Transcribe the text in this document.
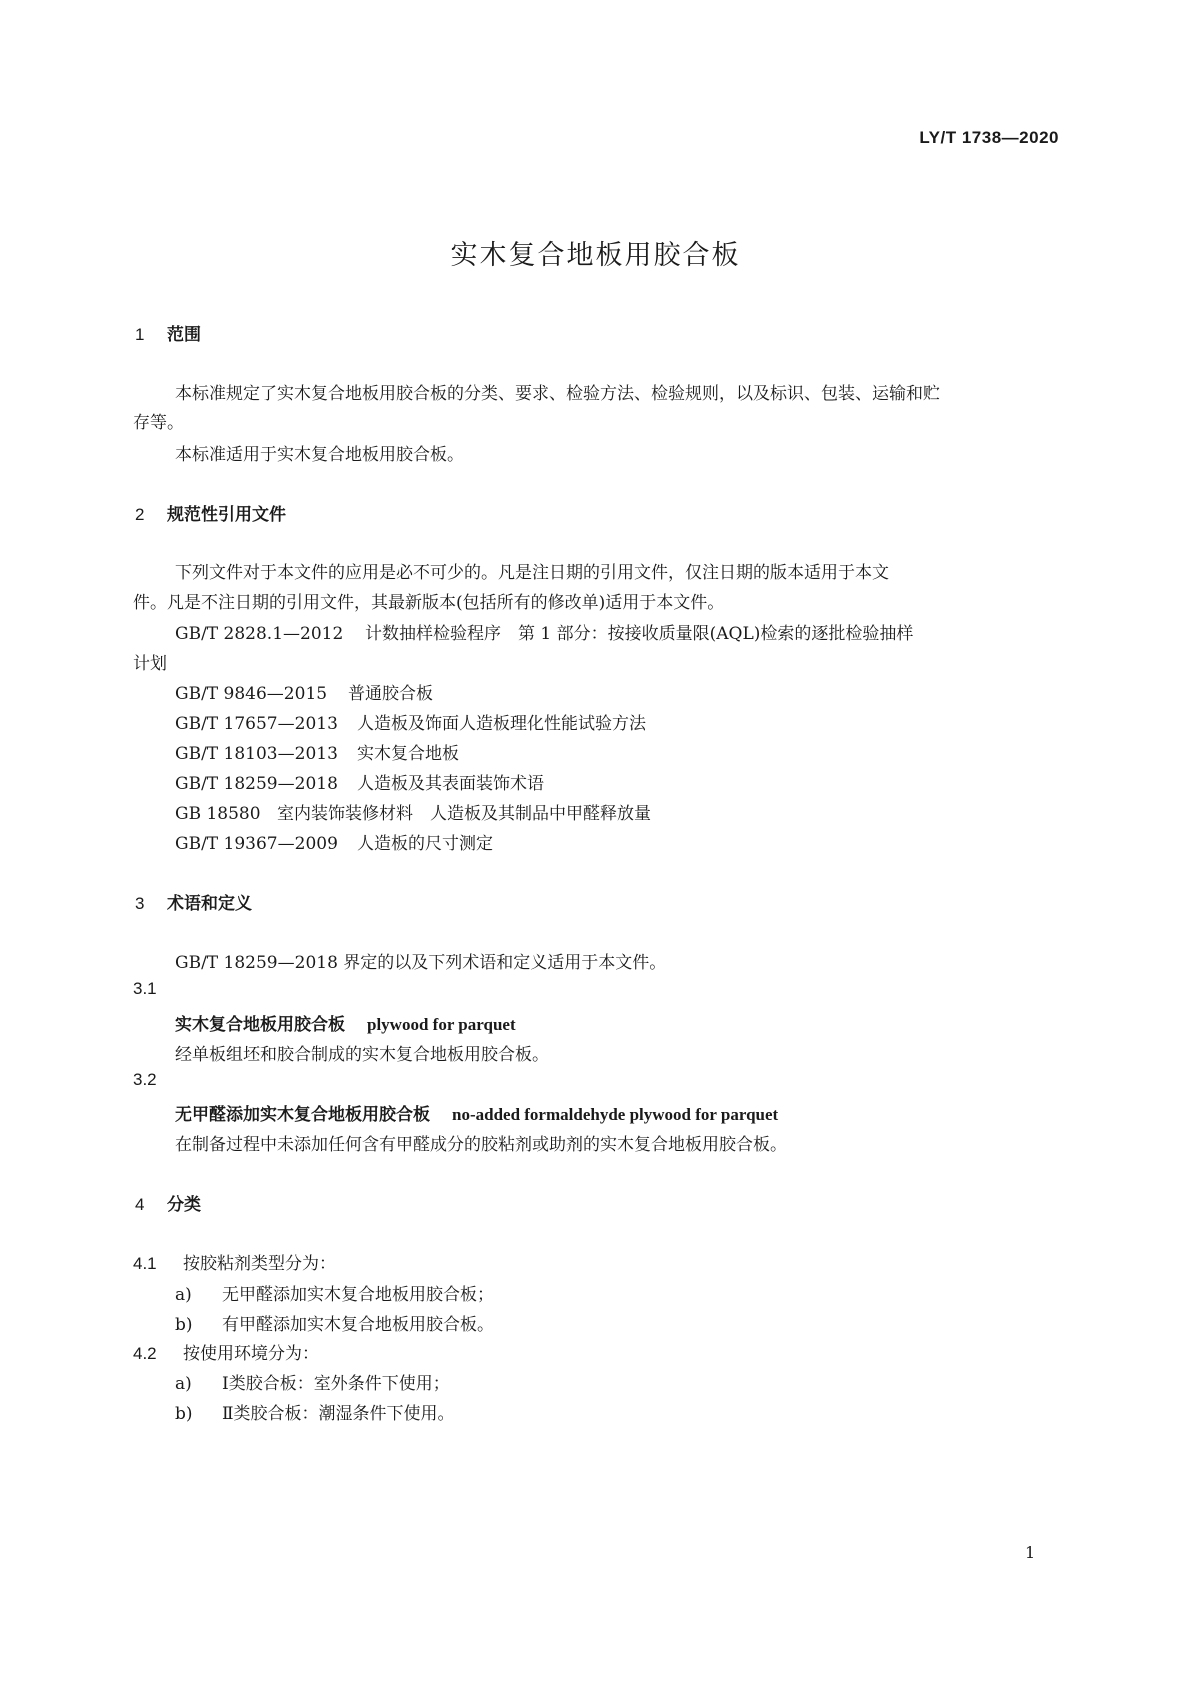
LY/T 1738—2020
实木复合地板用胶合板
1 范围
本标准规定了实木复合地板用胶合板的分类、要求、检验方法、检验规则，以及标识、包装、运输和贮
存等。
本标准适用于实木复合地板用胶合板。
2 规范性引用文件
下列文件对于本文件的应用是必不可少的。凡是注日期的引用文件，仅注日期的版本适用于本文
件。凡是不注日期的引用文件，其最新版本(包括所有的修改单)适用于本文件。
GB/T 2828.1—2012 计数抽样检验程序　第 1 部分：按接收质量限(AQL)检索的逐批检验抽样
计划
GB/T 9846—2015 普通胶合板
GB/T 17657—2013 人造板及饰面人造板理化性能试验方法
GB/T 18103—2013 实木复合地板
GB/T 18259—2018 人造板及其表面装饰术语
GB 18580 室内装饰装修材料　人造板及其制品中甲醛释放量
GB/T 19367—2009 人造板的尺寸测定
3 术语和定义
GB/T 18259—2018 界定的以及下列术语和定义适用于本文件。
3.1
实木复合地板用胶合板 plywood for parquet
经单板组坯和胶合制成的实木复合地板用胶合板。
3.2
无甲醛添加实木复合地板用胶合板 no-added formaldehyde plywood for parquet
在制备过程中未添加任何含有甲醛成分的胶粘剂或助剂的实木复合地板用胶合板。
4 分类
4.1 按胶粘剂类型分为：
a) 无甲醛添加实木复合地板用胶合板；
b) 有甲醛添加实木复合地板用胶合板。
4.2 按使用环境分为：
a) Ⅰ类胶合板：室外条件下使用；
b) Ⅱ类胶合板：潮湿条件下使用。
1
